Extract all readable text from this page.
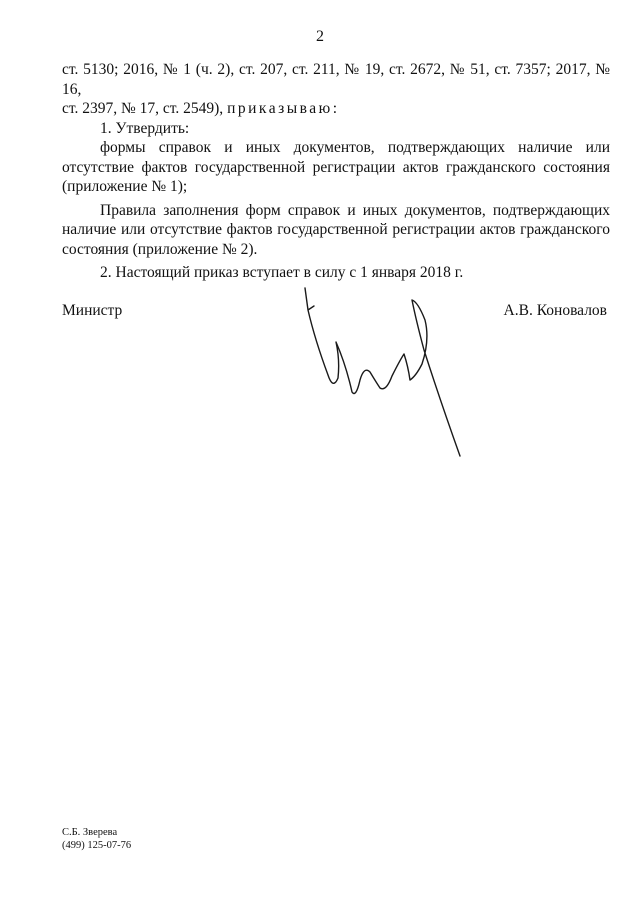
2

ст. 5130; 2016, № 1 (ч. 2), ст. 207, ст. 211, № 19, ст. 2672, № 51, ст. 7357; 2017, № 16,

ст. 2397, № 17, ст. 2549), приказываю:

1. Утвердить:

формы справок и иных документов, подтверждающих наличие или отсутствие фактов государственной регистрации актов гражданского состояния (приложение № 1);

Правила заполнения форм справок и иных документов, подтверждающих наличие или отсутствие фактов государственной регистрации актов гражданского состояния (приложение № 2).

2. Настоящий приказ вступает в силу с 1 января 2018 г.

Министр	А.В. Коновалов
С.Б. Зверева
(499) 125-07-76
